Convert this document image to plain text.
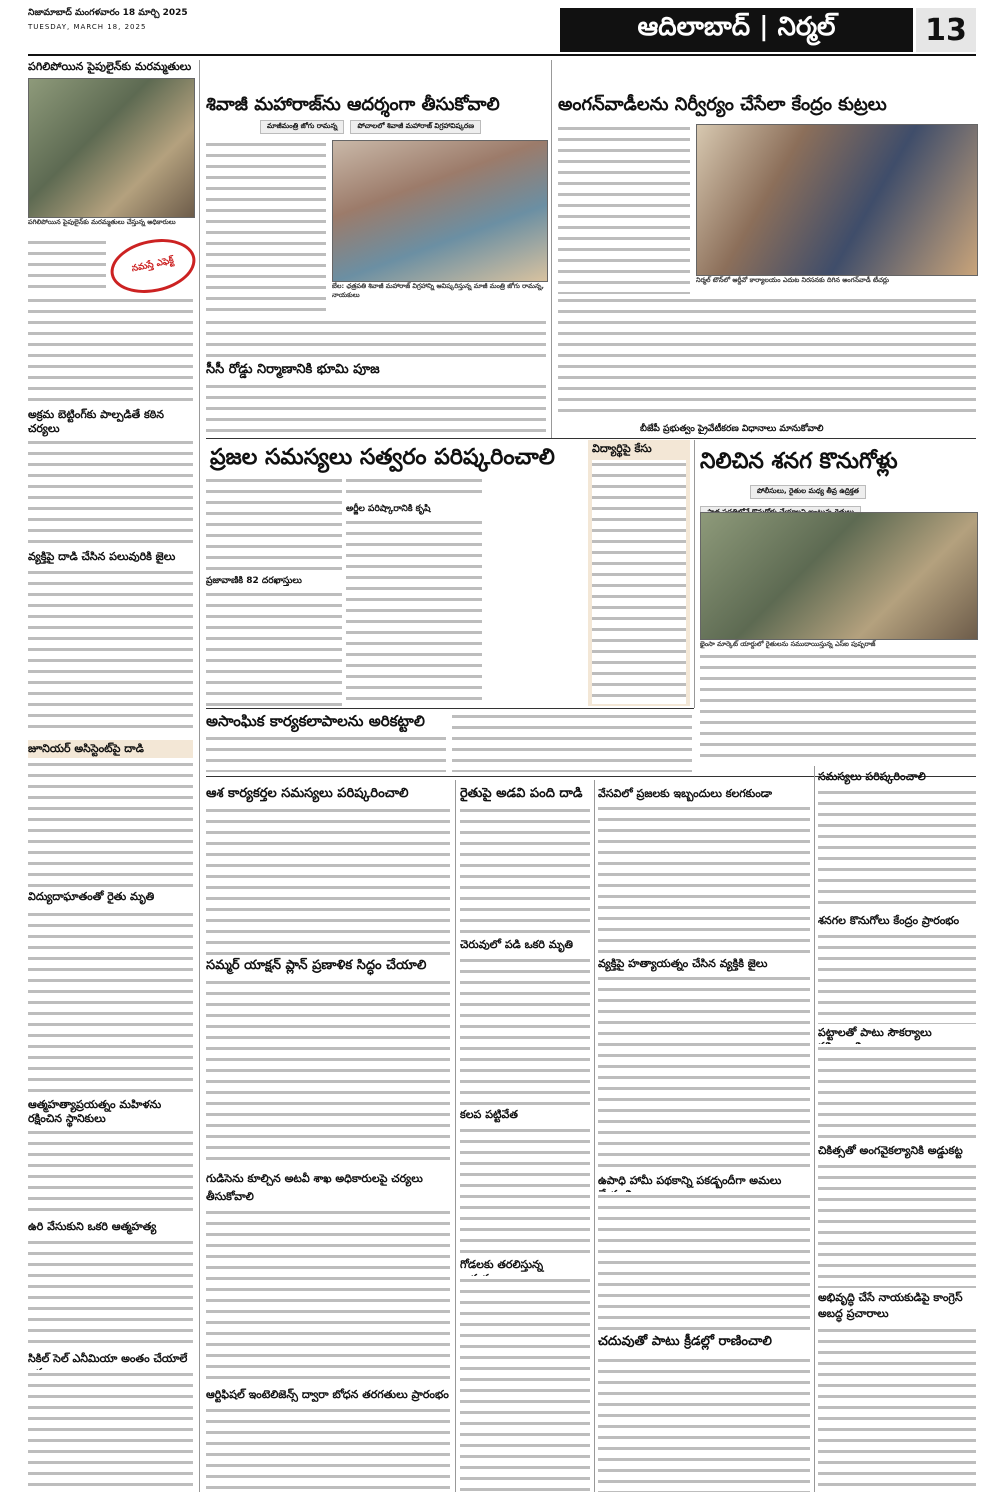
నిజామాబాద్ మంగళవారం 18 మార్చి 2025
TUESDAY, MARCH 18, 2025	ఆదిలాబాద్ | నిర్మల్	13
పగిలిపోయిన పైపులైన్‌కు మరమ్మతులు
పగిలిపోయిన పైపులైన్‌కు మరమ్మతులు చేస్తున్న అధికారులు
నమస్తే ఎఫెక్ట్
అక్రమ బెట్టింగ్‌కు పాల్పడితే కఠిన చర్యలు
వ్యక్తిపై దాడి చేసిన పలువురికి జైలు
జూనియర్ అసిస్టెంట్‌పై దాడి
విద్యుదాఘాతంతో రైతు మృతి
ఆత్మహత్యాప్రయత్నం మహిళను రక్షించిన స్థానికులు
ఉరి వేసుకుని ఒకరి ఆత్మహత్య
సికిల్ సెల్ ఎనీమియా అంతం చేయాలే
శివాజీ మహారాజ్‌ను ఆదర్శంగా తీసుకోవాలి
మాజీమంత్రి జోగు రామన్న	పోచాలలో శివాజీ మహారాజ్ విగ్రహావిష్కరణ
బేల: ఛత్రపతి శివాజీ మహారాజ్ విగ్రహాన్ని ఆవిష్కరిస్తున్న మాజీ మంత్రి జోగు రామన్న, నాయకులు
సీసీ రోడ్డు నిర్మాణానికి భూమి పూజ
అంగన్‌వాడీలను నిర్వీర్యం చేసేలా కేంద్రం కుట్రలు
నిర్మల్ టౌన్‌లో ఆర్డీవో కార్యాలయం ఎదుట నిరసనకు దిగిన అంగన్‌వాడీ టీచర్లు
బీజేపీ ప్రభుత్వం ప్రైవేటీకరణ విధానాలు మానుకోవాలి
ప్రజల సమస్యలు సత్వరం పరిష్కరించాలి
అర్జీల పరిష్కారానికి కృషి
ప్రజావాణికి 82 దరఖాస్తులు
విద్యార్థిపై కేసు	నిలిచిన శనగ కొనుగోళ్లు
పోలీసులు, రైతుల మధ్య తీవ్ర ఉద్రిక్తత
భైంసా మార్కెట్ యార్డులో రైతులను సముదాయిస్తున్న ఎస్‌ఐ పుష్పరాజ్
అసాంఘిక కార్యకలాపాలను అరికట్టాలి
ఆశ కార్యకర్తల సమస్యలు పరిష్కరించాలి
సమ్మర్ యాక్షన్ ప్లాన్ ప్రణాళిక సిద్ధం చేయాలి
గుడిసెను కూల్చిన అటవీ శాఖ అధికారులపై చర్యలు తీసుకోవాలి
ఆర్టిఫిషల్ ఇంటెలిజెన్స్ ద్వారా బోధన తరగతులు ప్రారంభం
రైతుపై అడవి పంది దాడి
చెరువులో పడి ఒకరి మృతి
కలప పట్టివేత
గోడలకు తరలిస్తున్న
వేసవిలో ప్రజలకు ఇబ్బందులు కలగకుండా
వ్యక్తిపై హత్యాయత్నం చేసిన వ్యక్తికి జైలు
ఉపాధి హామీ పథకాన్ని పకడ్బందీగా అమలు
చదువుతో పాటు క్రీడల్లో రాణించాలి
సమస్యలు పరిష్కరించాలి
శనగల కొనుగోలు కేంద్రం ప్రారంభం
పట్టాలతో పాటు సౌకర్యాలు
చికిత్సతో అంగవైకల్యానికి అడ్డుకట్ట
అభివృద్ధి చేసే నాయకుడిపై కాంగ్రెస్ అబద్ధ ప్రచారాలు
